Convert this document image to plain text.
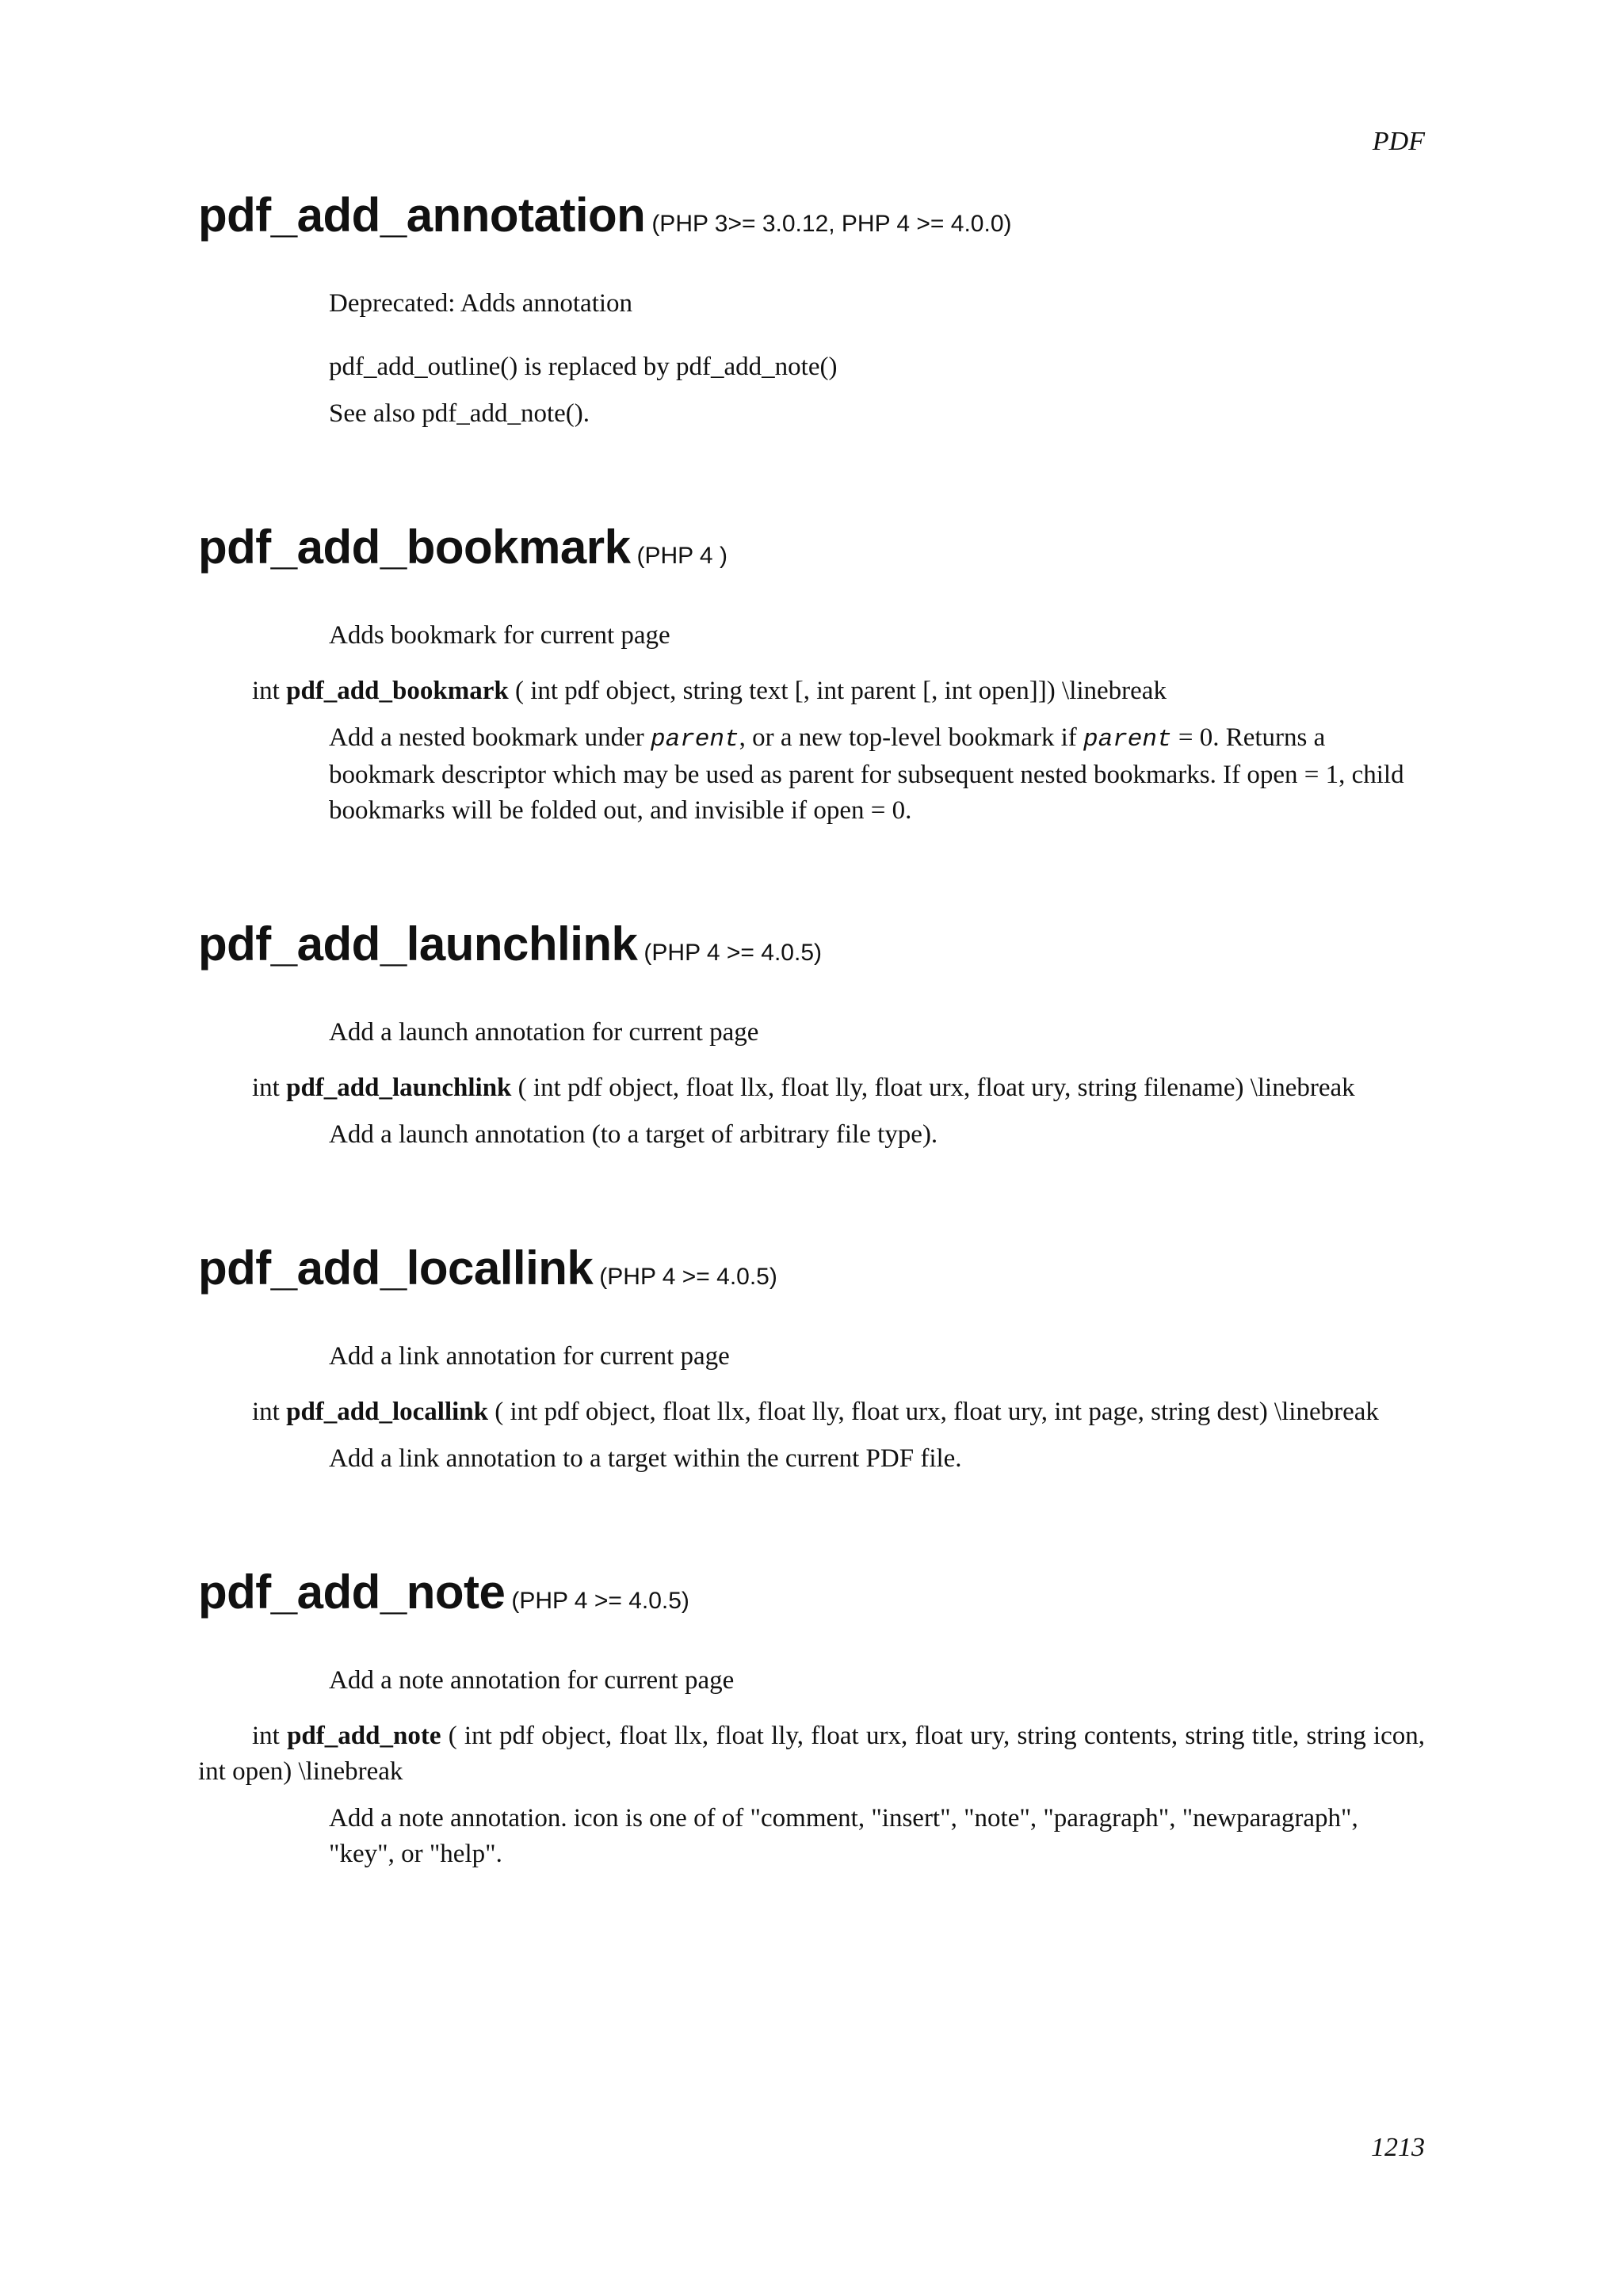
PDF
pdf_add_annotation (PHP 3>= 3.0.12, PHP 4 >= 4.0.0)

Deprecated: Adds annotation

pdf_add_outline() is replaced by pdf_add_note()

See also pdf_add_note().

pdf_add_bookmark (PHP 4 )

Adds bookmark for current page

int pdf_add_bookmark ( int pdf object, string text [, int parent [, int open]]) \linebreak

Add a nested bookmark under parent, or a new top-level bookmark if parent = 0. Returns a bookmark descriptor which may be used as parent for subsequent nested bookmarks. If open = 1, child bookmarks will be folded out, and invisible if open = 0.

pdf_add_launchlink (PHP 4 >= 4.0.5)

Add a launch annotation for current page

int pdf_add_launchlink ( int pdf object, float llx, float lly, float urx, float ury, string filename) \linebreak

Add a launch annotation (to a target of arbitrary file type).

pdf_add_locallink (PHP 4 >= 4.0.5)

Add a link annotation for current page

int pdf_add_locallink ( int pdf object, float llx, float lly, float urx, float ury, int page, string dest) \linebreak

Add a link annotation to a target within the current PDF file.

pdf_add_note (PHP 4 >= 4.0.5)

Add a note annotation for current page

int pdf_add_note ( int pdf object, float llx, float lly, float urx, float ury, string contents, string title, string icon, int open) \linebreak

Add a note annotation. icon is one of of "comment, "insert", "note", "paragraph", "newparagraph", "key", or "help".

1213
